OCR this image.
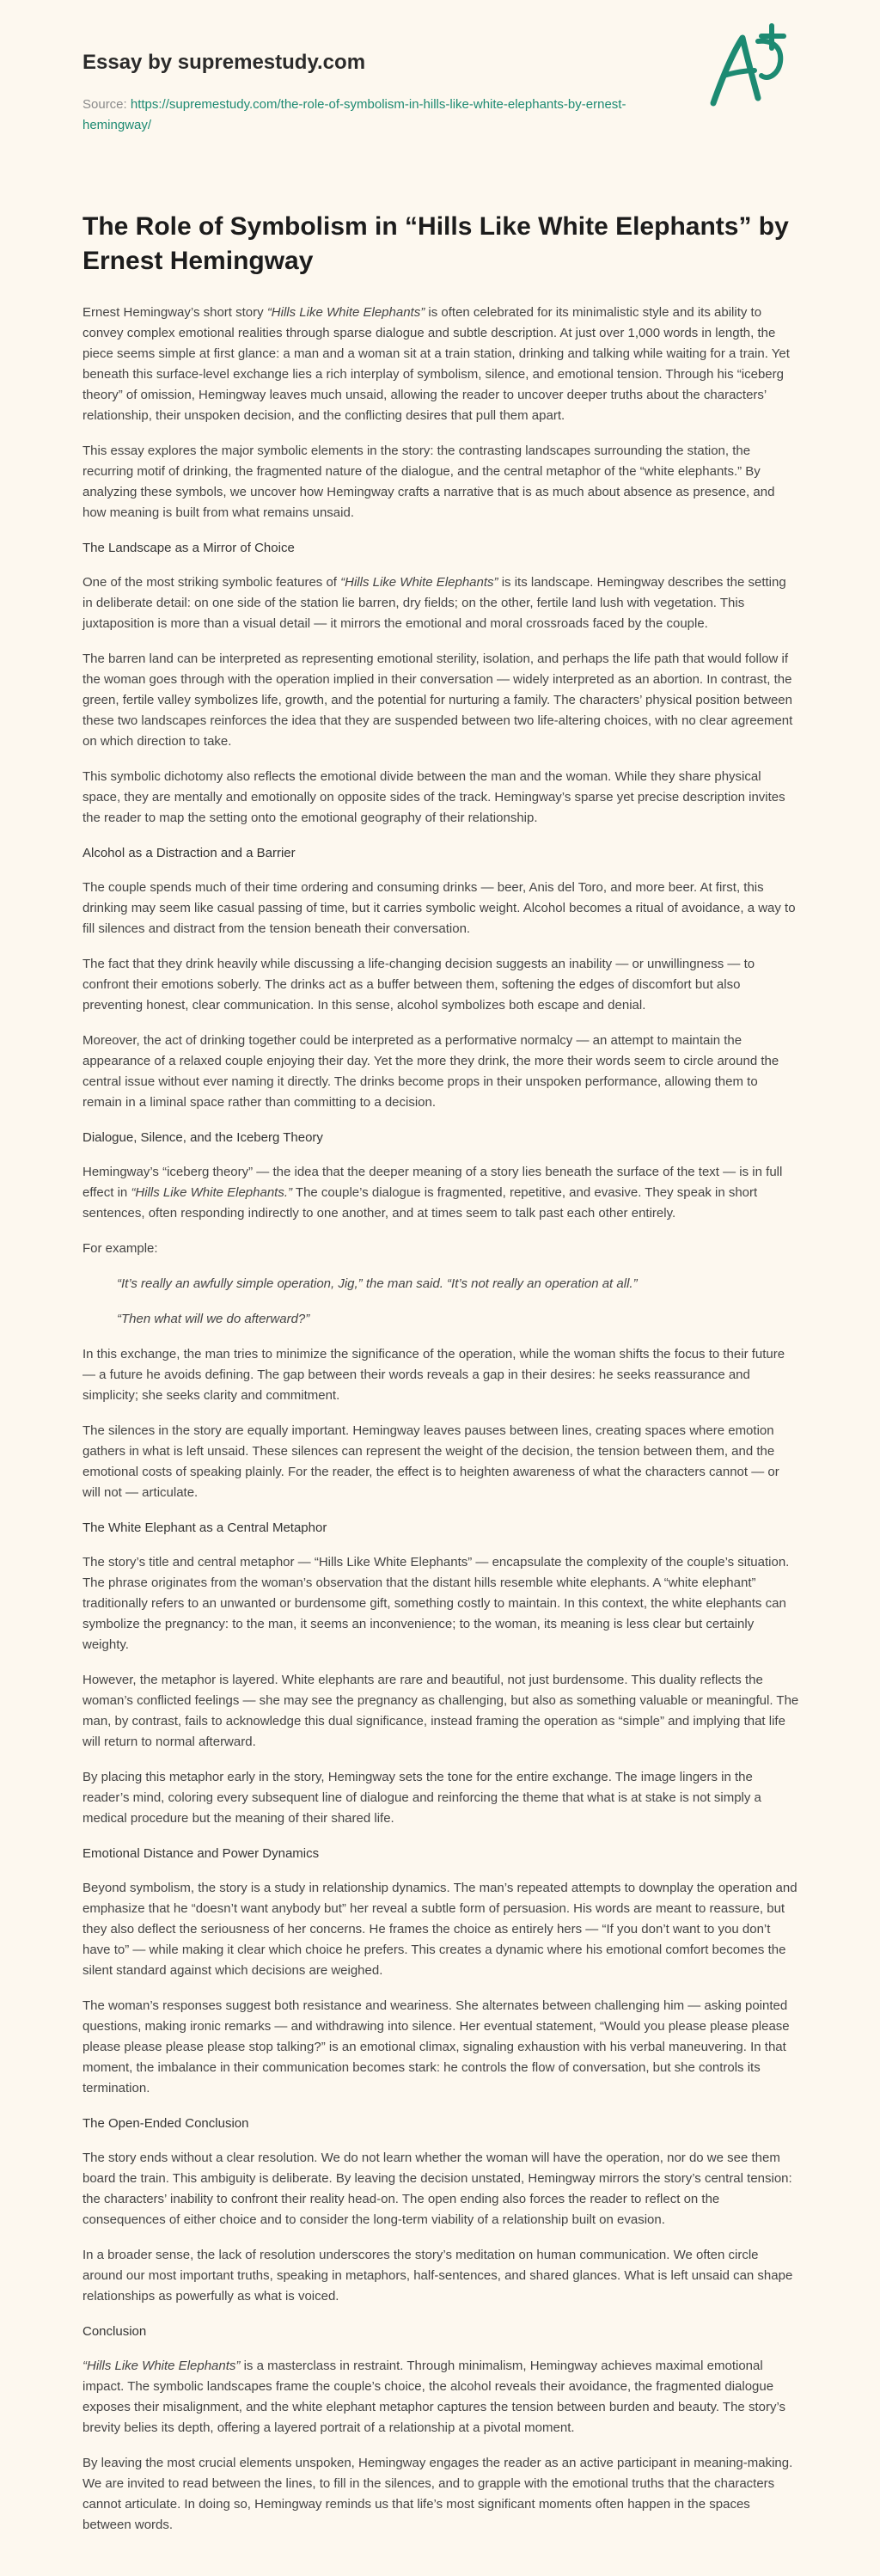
Essay by supremestudy.com
Source: https://supremestudy.com/the-role-of-symbolism-in-hills-like-white-elephants-by-ernest-hemingway/
The Role of Symbolism in “Hills Like White Elephants” by Ernest Hemingway

Ernest Hemingway’s short story “Hills Like White Elephants” is often celebrated for its minimalistic style and its ability to convey complex emotional realities through sparse dialogue and subtle description. At just over 1,000 words in length, the piece seems simple at first glance: a man and a woman sit at a train station, drinking and talking while waiting for a train. Yet beneath this surface-level exchange lies a rich interplay of symbolism, silence, and emotional tension. Through his “iceberg theory” of omission, Hemingway leaves much unsaid, allowing the reader to uncover deeper truths about the characters’ relationship, their unspoken decision, and the conflicting desires that pull them apart.

This essay explores the major symbolic elements in the story: the contrasting landscapes surrounding the station, the recurring motif of drinking, the fragmented nature of the dialogue, and the central metaphor of the “white elephants.” By analyzing these symbols, we uncover how Hemingway crafts a narrative that is as much about absence as presence, and how meaning is built from what remains unsaid.

The Landscape as a Mirror of Choice

One of the most striking symbolic features of “Hills Like White Elephants” is its landscape. Hemingway describes the setting in deliberate detail: on one side of the station lie barren, dry fields; on the other, fertile land lush with vegetation. This juxtaposition is more than a visual detail — it mirrors the emotional and moral crossroads faced by the couple.

The barren land can be interpreted as representing emotional sterility, isolation, and perhaps the life path that would follow if the woman goes through with the operation implied in their conversation — widely interpreted as an abortion. In contrast, the green, fertile valley symbolizes life, growth, and the potential for nurturing a family. The characters’ physical position between these two landscapes reinforces the idea that they are suspended between two life-altering choices, with no clear agreement on which direction to take.

This symbolic dichotomy also reflects the emotional divide between the man and the woman. While they share physical space, they are mentally and emotionally on opposite sides of the track. Hemingway’s sparse yet precise description invites the reader to map the setting onto the emotional geography of their relationship.

Alcohol as a Distraction and a Barrier

The couple spends much of their time ordering and consuming drinks — beer, Anis del Toro, and more beer. At first, this drinking may seem like casual passing of time, but it carries symbolic weight. Alcohol becomes a ritual of avoidance, a way to fill silences and distract from the tension beneath their conversation.

The fact that they drink heavily while discussing a life-changing decision suggests an inability — or unwillingness — to confront their emotions soberly. The drinks act as a buffer between them, softening the edges of discomfort but also preventing honest, clear communication. In this sense, alcohol symbolizes both escape and denial.

Moreover, the act of drinking together could be interpreted as a performative normalcy — an attempt to maintain the appearance of a relaxed couple enjoying their day. Yet the more they drink, the more their words seem to circle around the central issue without ever naming it directly. The drinks become props in their unspoken performance, allowing them to remain in a liminal space rather than committing to a decision.

Dialogue, Silence, and the Iceberg Theory

Hemingway’s “iceberg theory” — the idea that the deeper meaning of a story lies beneath the surface of the text — is in full effect in “Hills Like White Elephants.” The couple’s dialogue is fragmented, repetitive, and evasive. They speak in short sentences, often responding indirectly to one another, and at times seem to talk past each other entirely.

For example:

“It’s really an awfully simple operation, Jig,” the man said. “It’s not really an operation at all.”
“Then what will we do afterward?”

In this exchange, the man tries to minimize the significance of the operation, while the woman shifts the focus to their future — a future he avoids defining. The gap between their words reveals a gap in their desires: he seeks reassurance and simplicity; she seeks clarity and commitment.

The silences in the story are equally important. Hemingway leaves pauses between lines, creating spaces where emotion gathers in what is left unsaid. These silences can represent the weight of the decision, the tension between them, and the emotional costs of speaking plainly. For the reader, the effect is to heighten awareness of what the characters cannot — or will not — articulate.

The White Elephant as a Central Metaphor

The story’s title and central metaphor — “Hills Like White Elephants” — encapsulate the complexity of the couple’s situation. The phrase originates from the woman’s observation that the distant hills resemble white elephants. A “white elephant” traditionally refers to an unwanted or burdensome gift, something costly to maintain. In this context, the white elephants can symbolize the pregnancy: to the man, it seems an inconvenience; to the woman, its meaning is less clear but certainly weighty.

However, the metaphor is layered. White elephants are rare and beautiful, not just burdensome. This duality reflects the woman’s conflicted feelings — she may see the pregnancy as challenging, but also as something valuable or meaningful. The man, by contrast, fails to acknowledge this dual significance, instead framing the operation as “simple” and implying that life will return to normal afterward.

By placing this metaphor early in the story, Hemingway sets the tone for the entire exchange. The image lingers in the reader’s mind, coloring every subsequent line of dialogue and reinforcing the theme that what is at stake is not simply a medical procedure but the meaning of their shared life.

Emotional Distance and Power Dynamics

Beyond symbolism, the story is a study in relationship dynamics. The man’s repeated attempts to downplay the operation and emphasize that he “doesn’t want anybody but” her reveal a subtle form of persuasion. His words are meant to reassure, but they also deflect the seriousness of her concerns. He frames the choice as entirely hers — “If you don’t want to you don’t have to” — while making it clear which choice he prefers. This creates a dynamic where his emotional comfort becomes the silent standard against which decisions are weighed.

The woman’s responses suggest both resistance and weariness. She alternates between challenging him — asking pointed questions, making ironic remarks — and withdrawing into silence. Her eventual statement, “Would you please please please please please please please stop talking?” is an emotional climax, signaling exhaustion with his verbal maneuvering. In that moment, the imbalance in their communication becomes stark: he controls the flow of conversation, but she controls its termination.

The Open-Ended Conclusion

The story ends without a clear resolution. We do not learn whether the woman will have the operation, nor do we see them board the train. This ambiguity is deliberate. By leaving the decision unstated, Hemingway mirrors the story’s central tension: the characters’ inability to confront their reality head-on. The open ending also forces the reader to reflect on the consequences of either choice and to consider the long-term viability of a relationship built on evasion.

In a broader sense, the lack of resolution underscores the story’s meditation on human communication. We often circle around our most important truths, speaking in metaphors, half-sentences, and shared glances. What is left unsaid can shape relationships as powerfully as what is voiced.

Conclusion

“Hills Like White Elephants” is a masterclass in restraint. Through minimalism, Hemingway achieves maximal emotional impact. The symbolic landscapes frame the couple’s choice, the alcohol reveals their avoidance, the fragmented dialogue exposes their misalignment, and the white elephant metaphor captures the tension between burden and beauty. The story’s brevity belies its depth, offering a layered portrait of a relationship at a pivotal moment.

By leaving the most crucial elements unspoken, Hemingway engages the reader as an active participant in meaning-making. We are invited to read between the lines, to fill in the silences, and to grapple with the emotional truths that the characters cannot articulate. In doing so, Hemingway reminds us that life’s most significant moments often happen in the spaces between words.
